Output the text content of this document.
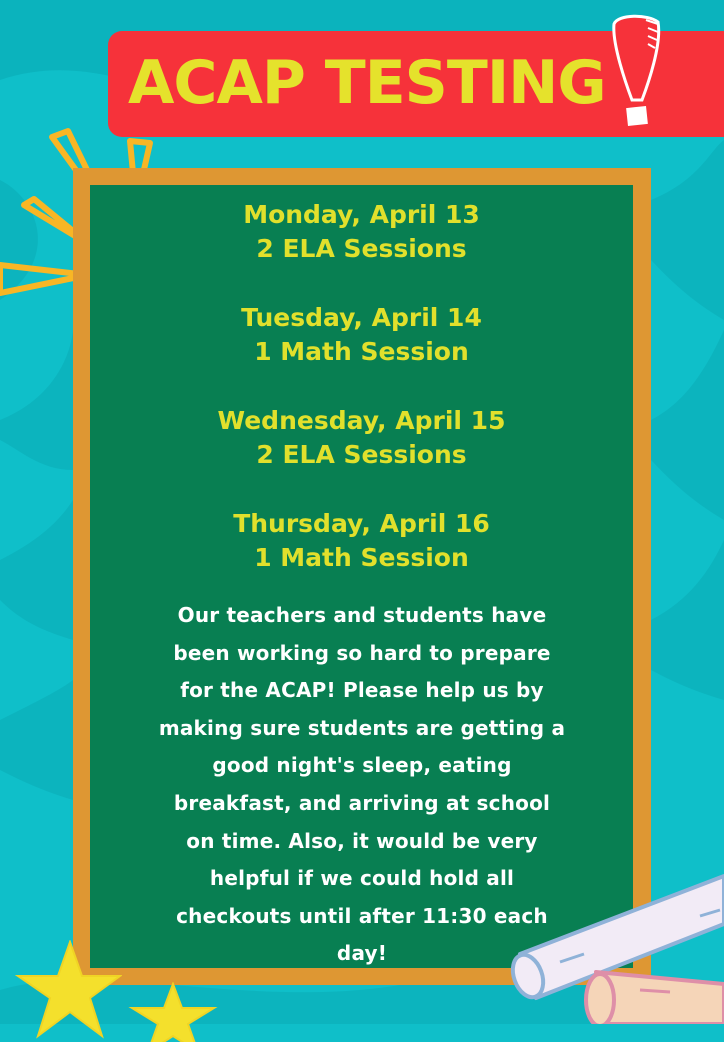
ACAP TESTING

Monday, April 13

2 ELA Sessions

Tuesday, April 14

1 Math Session

Wednesday, April 15

2 ELA Sessions

Thursday, April 16

1 Math Session

Our teachers and students have
been working so hard to prepare
for the ACAP! Please help us by
making sure students are getting a
good night's sleep, eating
breakfast, and arriving at school
on time. Also, it would be very
helpful if we could hold all
checkouts until after 11:30 each
day!
